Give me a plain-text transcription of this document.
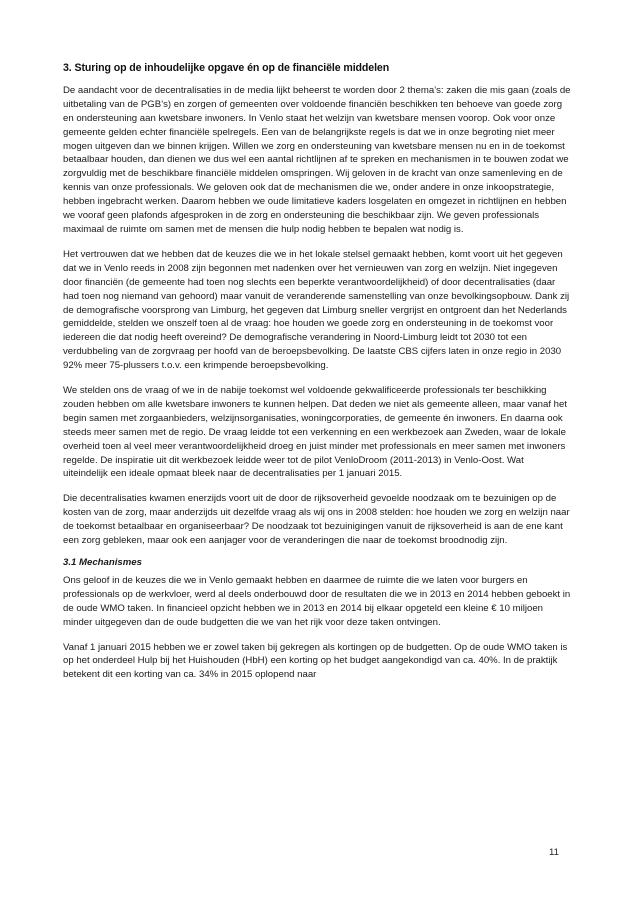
3. Sturing op de inhoudelijke opgave én op de financiële middelen

De aandacht voor de decentralisaties in de media lijkt beheerst te worden door 2 thema’s: zaken die mis gaan (zoals de uitbetaling van de PGB’s) en zorgen of gemeenten over voldoende financiën beschikken ten behoeve van goede zorg en ondersteuning aan kwetsbare inwoners. In Venlo staat het welzijn van kwetsbare mensen voorop. Ook voor onze gemeente gelden echter financiële spelregels. Een van de belangrijkste regels is dat we in onze begroting niet meer mogen uitgeven dan we binnen krijgen. Willen we zorg en ondersteuning van kwetsbare mensen nu en in de toekomst betaalbaar houden, dan dienen we dus wel een aantal richtlijnen af te spreken en mechanismen in te bouwen zodat we zorgvuldig met de beschikbare financiële middelen omspringen. Wij geloven in de kracht van onze samenleving en de kennis van onze professionals. We geloven ook dat de mechanismen die we, onder andere in onze inkoopstrategie, hebben ingebracht werken. Daarom hebben we oude limitatieve kaders losgelaten en omgezet in richtlijnen en hebben we vooraf geen plafonds afgesproken in de zorg en ondersteuning die beschikbaar zijn. We geven professionals maximaal de ruimte om samen met de mensen die hulp nodig hebben te bepalen wat nodig is.

Het vertrouwen dat we hebben dat de keuzes die we in het lokale stelsel gemaakt hebben, komt voort uit het gegeven dat we in Venlo reeds in 2008 zijn begonnen met nadenken over het vernieuwen van zorg en welzijn. Niet ingegeven door financiën (de gemeente had toen nog slechts een beperkte verantwoordelijkheid) of door decentralisaties (daar had toen nog niemand van gehoord) maar vanuit de veranderende samenstelling van onze bevolkingsopbouw. Dank zij de demografische voorsprong van Limburg, het gegeven dat Limburg sneller vergrijst en ontgroent dan het Nederlands gemiddelde, stelden we onszelf toen al de vraag: hoe houden we goede zorg en ondersteuning in de toekomst voor iedereen die dat nodig heeft overeind? De demografische verandering in Noord-Limburg leidt tot 2030 tot een verdubbeling van de zorgvraag per hoofd van de beroepsbevolking. De laatste CBS cijfers laten in onze regio in 2030 92% meer 75-plussers t.o.v. een krimpende beroepsbevolking.

We stelden ons de vraag of we in de nabije toekomst wel voldoende gekwalificeerde professionals ter beschikking zouden hebben om alle kwetsbare inwoners te kunnen helpen. Dat deden we niet als gemeente alleen, maar vanaf het begin samen met zorgaanbieders, welzijnsorganisaties, woningcorporaties, de gemeente én inwoners. En daarna ook steeds meer samen met de regio. De vraag leidde tot een verkenning en een werkbezoek aan Zweden, waar de lokale overheid toen al veel meer verantwoordelijkheid droeg en juist minder met professionals en meer samen met inwoners regelde. De inspiratie uit dit werkbezoek leidde weer tot de pilot VenloDroom (2011-2013) in Venlo-Oost. Wat uiteindelijk een ideale opmaat bleek naar de decentralisaties per 1 januari 2015.

Die decentralisaties kwamen enerzijds voort uit de door de rijksoverheid gevoelde noodzaak om te bezuinigen op de kosten van de zorg, maar anderzijds uit dezelfde vraag als wij ons in 2008 stelden: hoe houden we zorg en welzijn naar de toekomst betaalbaar en organiseerbaar? De noodzaak tot bezuinigingen vanuit de rijksoverheid is aan de ene kant een zorg gebleken, maar ook een aanjager voor de veranderingen die naar de toekomst broodnodig zijn.

3.1 Mechanismes

Ons geloof in de keuzes die we in Venlo gemaakt hebben en daarmee de ruimte die we laten voor burgers en professionals op de werkvloer, werd al deels onderbouwd door de resultaten die we in 2013 en 2014 hebben geboekt in de oude WMO taken. In financieel opzicht hebben we in 2013 en 2014 bij elkaar opgeteld een kleine € 10 miljoen minder uitgegeven dan de oude budgetten die we van het rijk voor deze taken ontvingen.

Vanaf 1 januari 2015 hebben we er zowel taken bij gekregen als kortingen op de budgetten. Op de oude WMO taken is op het onderdeel Hulp bij het Huishouden (HbH) een korting op het budget aangekondigd van ca. 40%. In de praktijk betekent dit een korting van ca. 34% in 2015 oplopend naar

11
